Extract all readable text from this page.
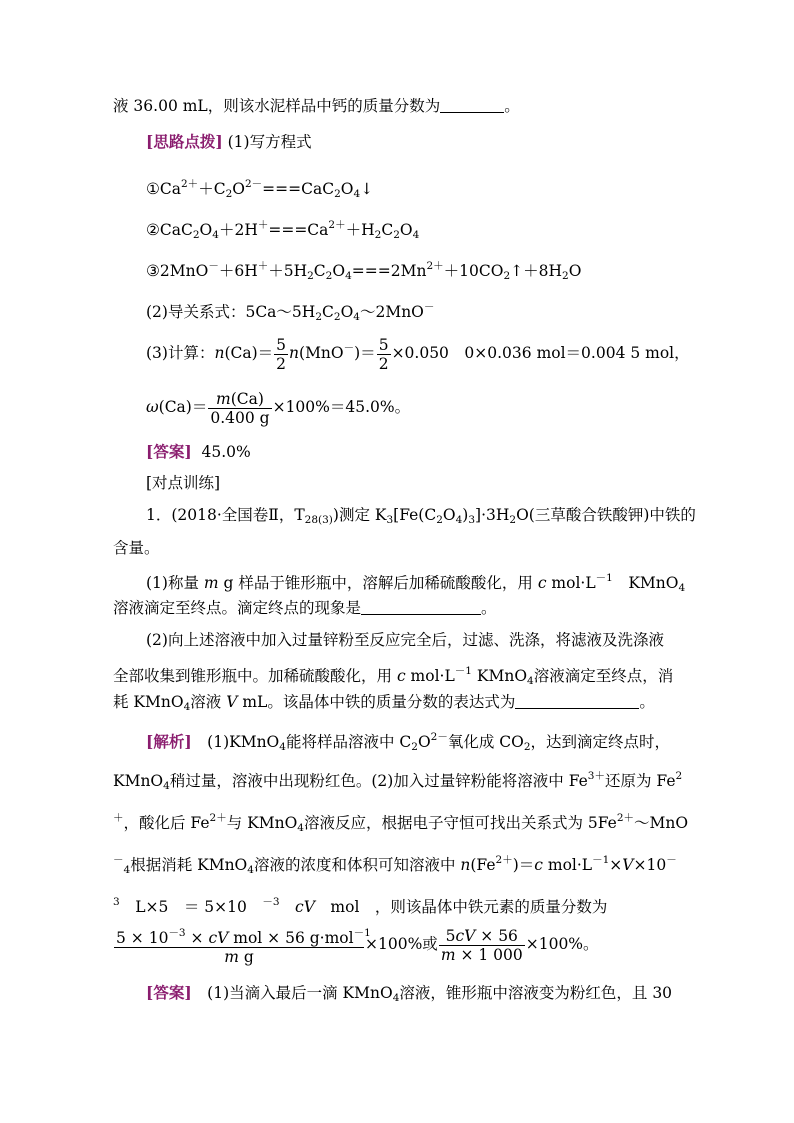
液 36.00 mL，则该水泥样品中钙的质量分数为	。
[思路点拨] (1)写方程式
$①Ca^{2+}+C_2O^{2-}===CaC_2O_4↓$
$②CaC_2O_4+2H^+===Ca^{2+}+H_2C_2O_4$
$③2MnO^-+6H^++5H_2C_2O_4===2Mn^{2+}+10CO_2↑+8H_2O$
(2)导关系式：$5Ca\sim 5H_2C_2O_4\sim 2MnO^-$
(3)计算：$n(Ca)= \frac{5}{2} n(MnO^-)= \frac{5}{2} \times 0.050$　0×0.036 mol＝0.004 5 mol，
$\omega(Ca)= \frac{m(Ca)}{0.400 g} \times 100\%=45.0\%$。
[答案] 45.0%
[对点训练]
1．(2018·全国卷Ⅱ，$T_{28(3)}$)测定 $K_3[Fe(C_2O_4)_3]\cdot 3H_2O$(三草酸合铁酸钾)中铁的
含量。
(1)称量 m g 样品于锥形瓶中，溶解后加稀硫酸酸化，用 c $mol\cdot L^{-1}$　KMnO$_4$
溶液滴定至终点。滴定终点的现象是	。
(2)向上述溶液中加入过量锌粉至反应完全后，过滤、洗涤，将滤液及洗涤液
全部收集到锥形瓶中。加稀硫酸酸化，用 c $mol\cdot L^{-1}$ KMnO$_4$溶液滴定至终点，消
耗 KMnO$_4$溶液 V mL。该晶体中铁的质量分数的表达式为	。
[解析]　(1)KMnO$_4$能将样品溶液中 $C_2O^{2-}$氧化成 $CO_2$，达到滴定终点时，
KMnO$_4$稍过量，溶液中出现粉红色。(2)加入过量锌粉能将溶液中 $Fe^{3+}$还原为 Fe$^2$
＋，酸化后 $Fe^{2+}$与 KMnO$_4$溶液反应，根据电子守恒可找出关系式为 $5Fe^{2+}\sim MnO$
－$_4$根据消耗 KMnO$_4$溶液的浓度和体积可知溶液中 $n(Fe^{2+})=c$ $mol\cdot L^{-1}\times V\times 10^-$
$^3$　L×5　＝ 5×10　$^{-3}$　 cV　mol　，则该晶体中铁元素的质量分数为
$\frac{5 \times 10^{-3} \times cV mol \times 56 g\cdot mol^{-1}}{\text{m g}} \times 100\%$或 $\frac{5cV \times 56}{m \times 1 000} \times 100\%$。
[答案]　(1)当滴入最后一滴 KMnO$_4$溶液，锥形瓶中溶液变为粉红色，且 30
